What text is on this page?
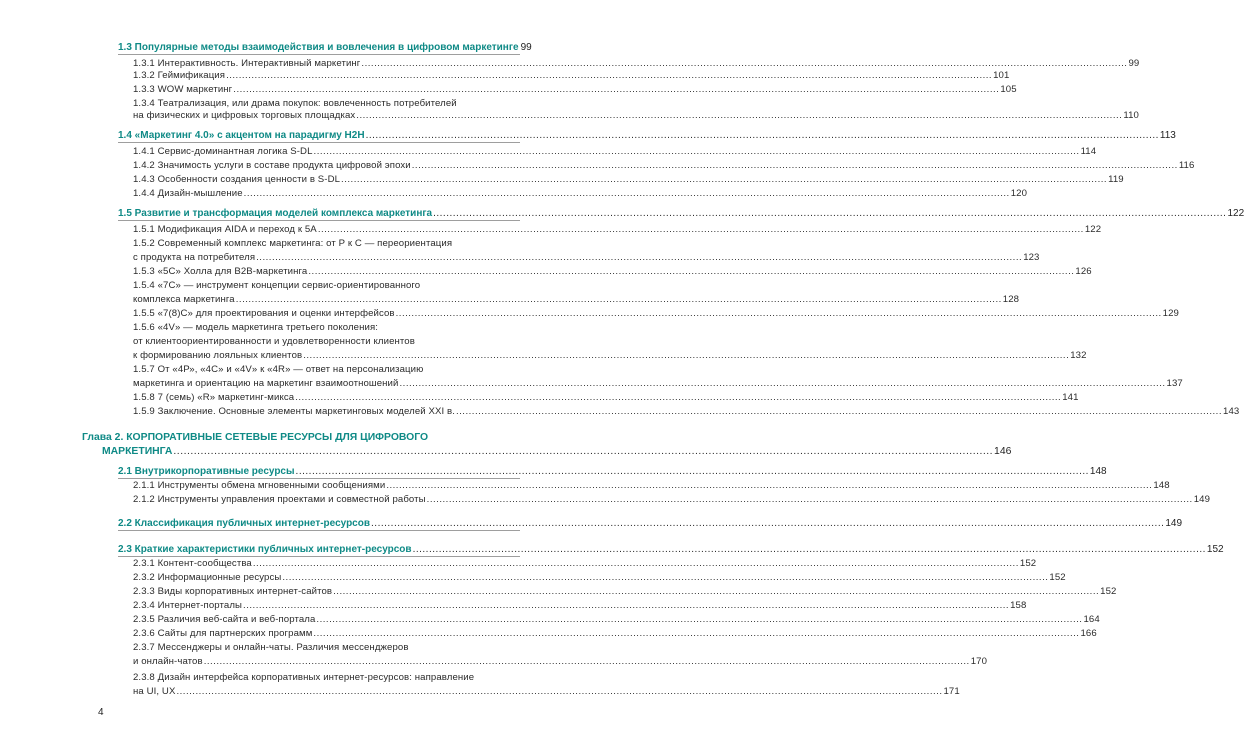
1.3 Популярные методы взаимодействия и вовлечения в цифровом маркетинге 99
1.3.1 Интерактивность. Интерактивный маркетинг .....	99
1.3.2 Геймификация .....	101
1.3.3 WOW маркетинг .....	105
1.3.4 Театрализация, или драма покупок: вовлеченность потребителей
на физических и цифровых торговых площадках .....	110
1.4 «Маркетинг 4.0» с акцентом на парадигму H2H .....	113
1.4.1 Сервис-доминантная логика S-DL .....	114
1.4.2 Значимость услуги в составе продукта цифровой эпохи .....	116
1.4.3 Особенности создания ценности в S-DL .....	119
1.4.4 Дизайн-мышление .....	120
1.5 Развитие и трансформация моделей комплекса маркетинга .....	122
1.5.1 Модификация AIDA и переход к 5A .....	122
1.5.2 Современный комплекс маркетинга: от Р к С — переориентация
с продукта на потребителя .....	123
1.5.3 «5С» Холла для B2B-маркетинга .....	126
1.5.4 «7С» — инструмент концепции сервис-ориентированного
комплекса маркетинга .....	128
1.5.5 «7(8)С» для проектирования и оценки интерфейсов .....	129
1.5.6 «4V» — модель маркетинга третьего поколения:
от клиентоориентированности и удовлетворенности клиентов
к формированию лояльных клиентов .....	132
1.5.7 От «4Р», «4С» и «4V» к «4R» — ответ на персонализацию
маркетинга и ориентацию на маркетинг взаимоотношений .....	137
1.5.8 7 (семь) «R» маркетинг-микса .....	141
1.5.9 Заключение. Основные элементы маркетинговых моделей XXI в. .....	143
Глава 2. КОРПОРАТИВНЫЕ СЕТЕВЫЕ РЕСУРСЫ ДЛЯ ЦИФРОВОГО
МАРКЕТИНГА .....	146
2.1 Внутрикорпоративные ресурсы .....	148
2.1.1 Инструменты обмена мгновенными сообщениями .....	148
2.1.2 Инструменты управления проектами и совместной работы .....	149
2.2 Классификация публичных интернет-ресурсов .....	149
2.3 Краткие характеристики публичных интернет-ресурсов .....	152
2.3.1 Контент-сообщества .....	152
2.3.2 Информационные ресурсы .....	152
2.3.3 Виды корпоративных интернет-сайтов .....	152
2.3.4 Интернет-порталы .....	158
2.3.5 Различия веб-сайта и веб-портала .....	164
2.3.6 Сайты для партнерских программ .....	166
2.3.7 Мессенджеры и онлайн-чаты. Различия мессенджеров
и онлайн-чатов .....	170
2.3.8 Дизайн интерфейса корпоративных интернет-ресурсов: направление
на UI, UX .....	171
4
